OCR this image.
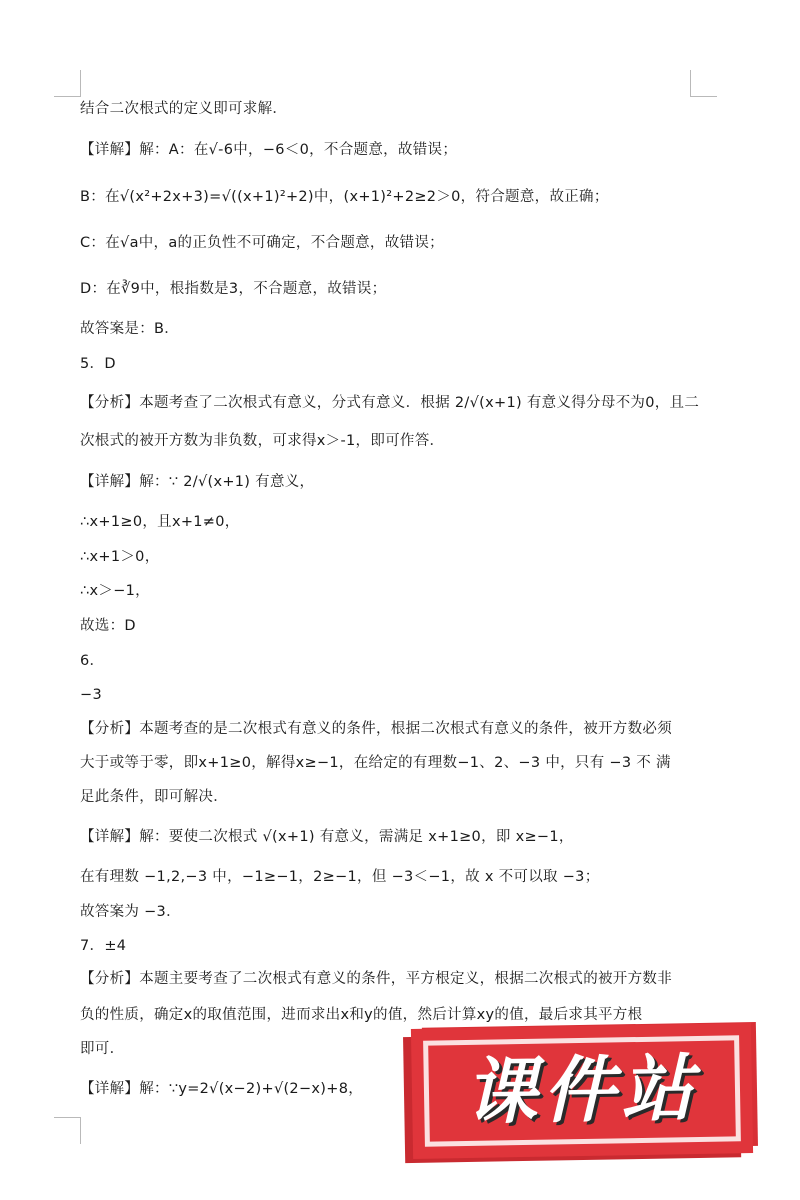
结合二次根式的定义即可求解．
【详解】解：A：在√-6中，−6＜0，不合题意，故错误；
B：在√(x²+2x+3)=√((x+1)²+2)中，(x+1)²+2≥2＞0，符合题意，故正确；
C：在√a中，a的正负性不可确定，不合题意，故错误；
D：在∛9中，根指数是3，不合题意，故错误；
故答案是：B．
5．D
【分析】本题考查了二次根式有意义，分式有意义．根据 2/√(x+1) 有意义得分母不为0，且二
次根式的被开方数为非负数，可求得x＞-1，即可作答．
【详解】解：∵ 2/√(x+1) 有意义，
∴x+1≥0，且x+1≠0，
∴x+1＞0，
∴x＞−1，
故选：D
6．
−3
【分析】本题考查的是二次根式有意义的条件，根据二次根式有意义的条件，被开方数必须
大于或等于零，即x+1≥0，解得x≥−1，在给定的有理数−1、2、−3 中，只有 −3 不 满
足此条件，即可解决．
【详解】解：要使二次根式 √(x+1) 有意义，需满足 x+1≥0，即 x≥−1，
在有理数 −1,2,−3 中，−1≥−1，2≥−1，但 −3＜−1，故 x 不可以取 −3；
故答案为 −3．
7．±4
【分析】本题主要考查了二次根式有意义的条件，平方根定义，根据二次根式的被开方数非
负的性质，确定x的取值范围，进而求出x和y的值，然后计算xy的值，最后求其平方根
即可．
【详解】解：∵y=2√(x−2)+√(2−x)+8，	课件站
